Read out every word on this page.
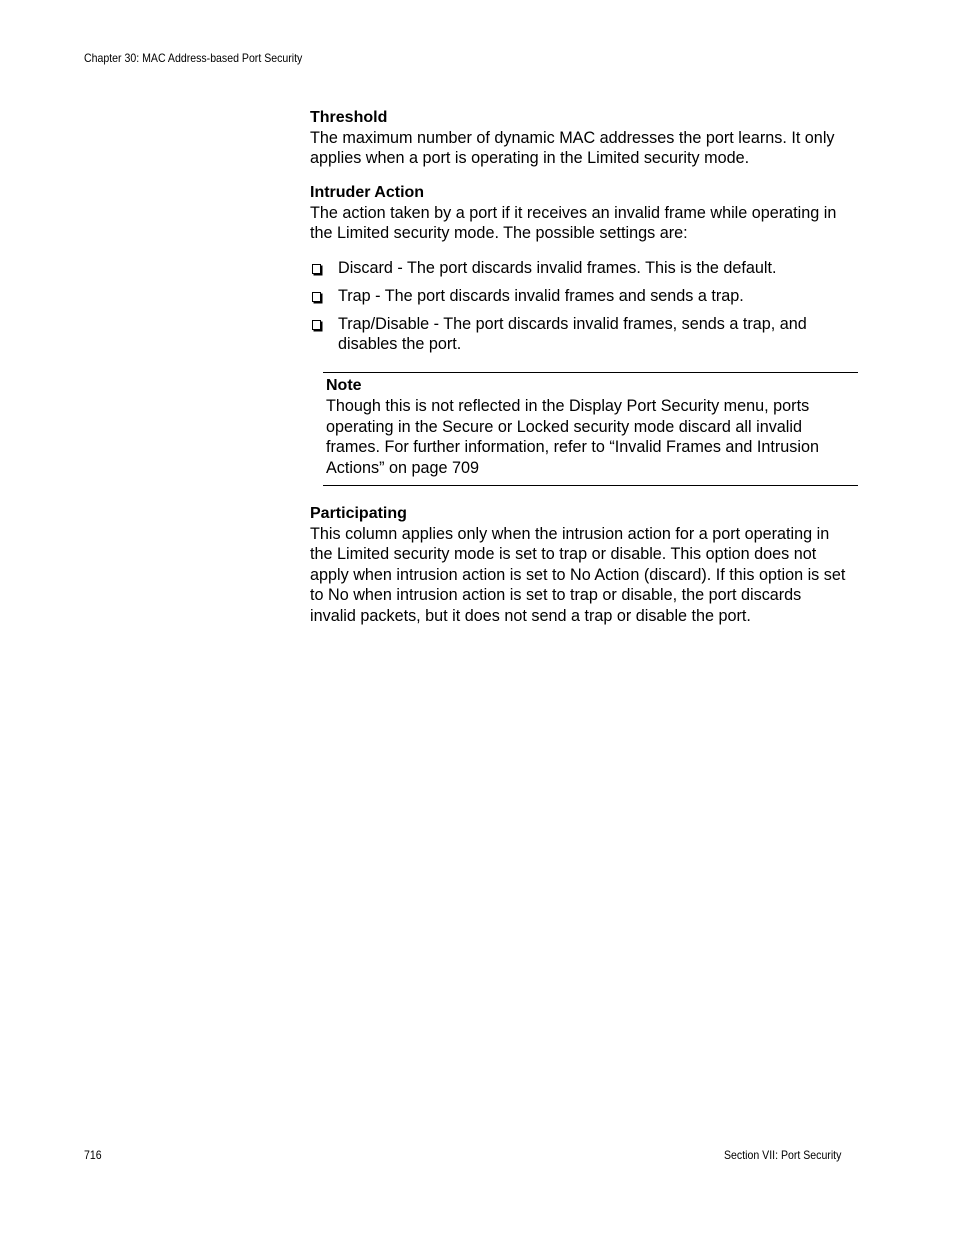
Chapter 30: MAC Address-based Port Security

Threshold

The maximum number of dynamic MAC addresses the port learns. It only applies when a port is operating in the Limited security mode.

Intruder Action

The action taken by a port if it receives an invalid frame while operating in the Limited security mode. The possible settings are:

Discard - The port discards invalid frames. This is the default.
Trap - The port discards invalid frames and sends a trap.
Trap/Disable - The port discards invalid frames, sends a trap, and disables the port.

Note

Though this is not reflected in the Display Port Security menu, ports operating in the Secure or Locked security mode discard all invalid frames. For further information, refer to “Invalid Frames and Intrusion Actions” on page 709

Participating

This column applies only when the intrusion action for a port operating in the Limited security mode is set to trap or disable. This option does not apply when intrusion action is set to No Action (discard). If this option is set to No when intrusion action is set to trap or disable, the port discards invalid packets, but it does not send a trap or disable the port.

716	Section VII: Port Security
